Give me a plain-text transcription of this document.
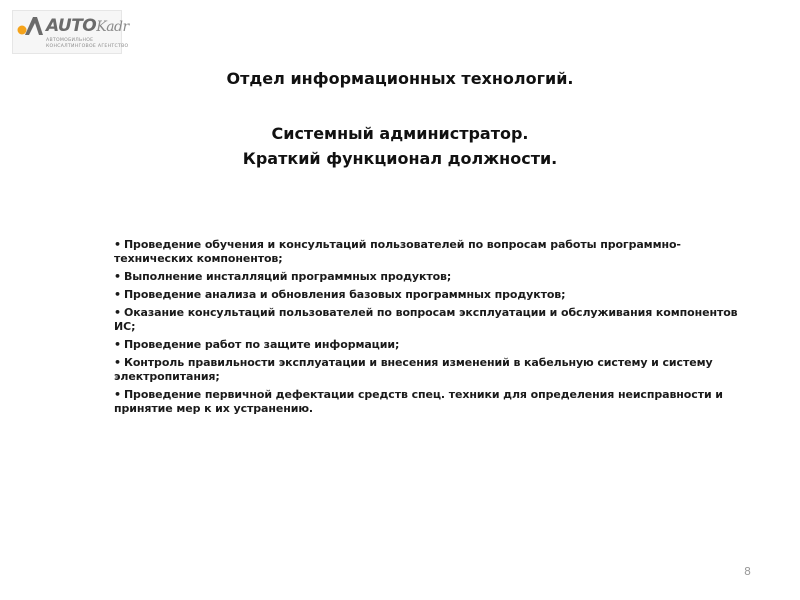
AUTOKadr
АВТОМОБИЛЬНОЕ
КОНСАЛТИНГОВОЕ АГЕНТСТВО
Отдел информационных технологий.
Системный администратор.
Краткий функционал должности.
• Проведение обучения и консультаций пользователей по вопросам работы программно-технических компонентов;
• Выполнение инсталляций программных продуктов;
• Проведение анализа и обновления базовых программных продуктов;
• Оказание консультаций пользователей по вопросам эксплуатации и обслуживания компонентов ИС;
• Проведение работ по защите информации;
• Контроль правильности эксплуатации и внесения изменений в кабельную систему и систему электропитания;
• Проведение первичной дефектации средств спец. техники для определения неисправности и принятие мер к их устранению.
8
